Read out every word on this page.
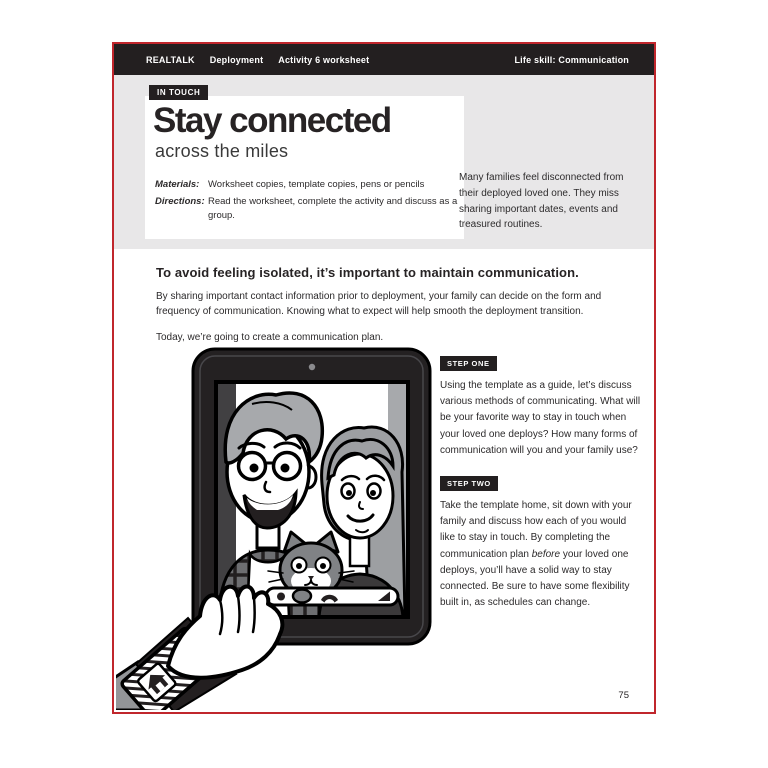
REALTALK Deployment Activity 6 worksheet	Life skill: Communication
IN TOUCH
Stay connected
across the miles
Materials: Worksheet copies, template copies, pens or pencils
Directions: Read the worksheet, complete the activity and discuss as a group.
Many families feel disconnected from their deployed loved one. They miss sharing important dates, events and treasured routines.
To avoid feeling isolated, it’s important to maintain communication.
By sharing important contact information prior to deployment, your family can decide on the form and frequency of communication. Knowing what to expect will help smooth the deployment transition.
Today, we’re going to create a communication plan.
STEP ONE

Using the template as a guide, let’s discuss various methods of communicating. What will be your favorite way to stay in touch when your loved one deploys? How many forms of communication will you and your family use?

STEP TWO

Take the template home, sit down with your family and discuss how each of you would like to stay in touch. By completing the communication plan before your loved one deploys, you’ll have a solid way to stay connected. Be sure to have some flexibility built in, as schedules can change.

75
